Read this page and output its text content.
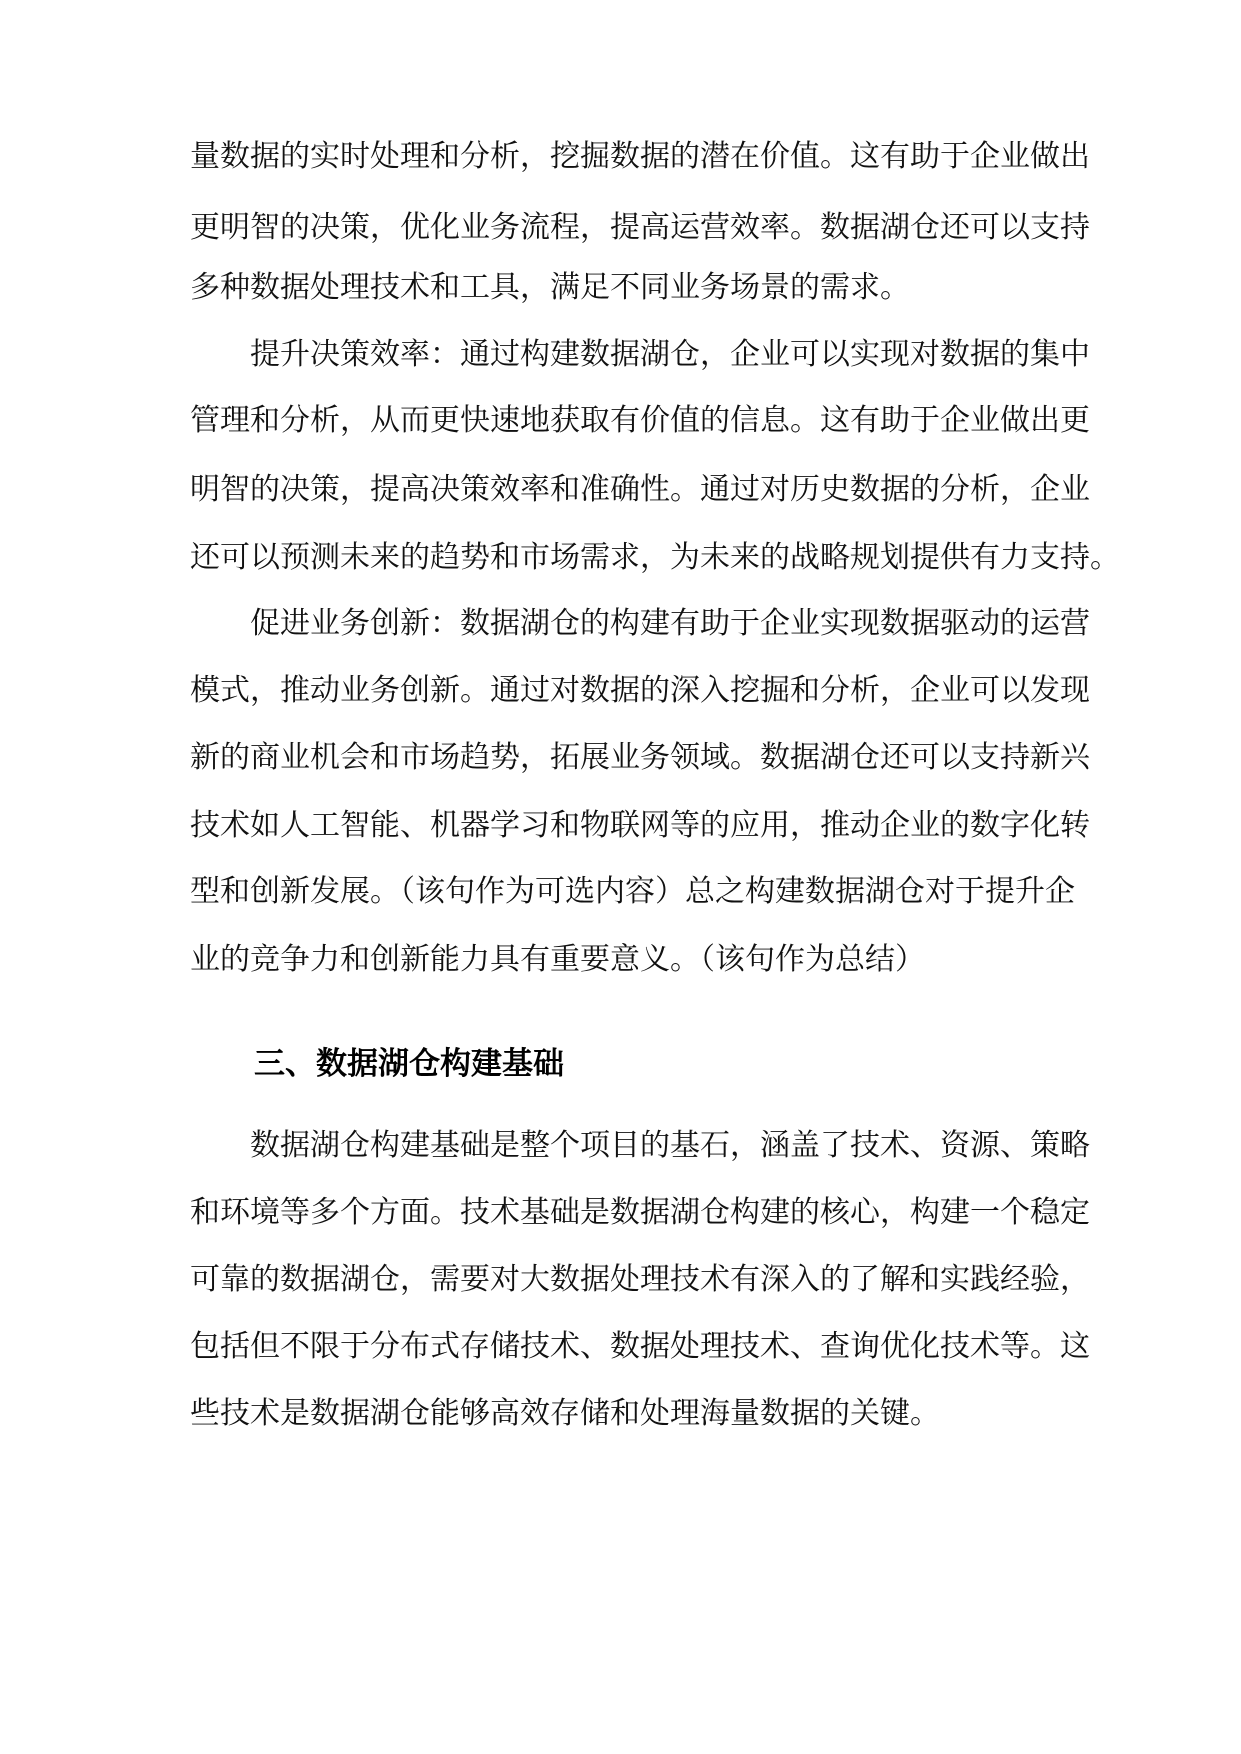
量数据的实时处理和分析，挖掘数据的潜在价值。这有助于企业做出

更明智的决策，优化业务流程，提高运营效率。数据湖仓还可以支持

多种数据处理技术和工具，满足不同业务场景的需求。

提升决策效率：通过构建数据湖仓，企业可以实现对数据的集中

管理和分析，从而更快速地获取有价值的信息。这有助于企业做出更

明智的决策，提高决策效率和准确性。通过对历史数据的分析，企业

还可以预测未来的趋势和市场需求，为未来的战略规划提供有力支持。

促进业务创新：数据湖仓的构建有助于企业实现数据驱动的运营

模式，推动业务创新。通过对数据的深入挖掘和分析，企业可以发现

新的商业机会和市场趋势，拓展业务领域。数据湖仓还可以支持新兴

技术如人工智能、机器学习和物联网等的应用，推动企业的数字化转

型和创新发展。（该句作为可选内容）总之构建数据湖仓对于提升企

业的竞争力和创新能力具有重要意义。（该句作为总结）

三、数据湖仓构建基础

数据湖仓构建基础是整个项目的基石，涵盖了技术、资源、策略

和环境等多个方面。技术基础是数据湖仓构建的核心，构建一个稳定

可靠的数据湖仓，需要对大数据处理技术有深入的了解和实践经验，

包括但不限于分布式存储技术、数据处理技术、查询优化技术等。这

些技术是数据湖仓能够高效存储和处理海量数据的关键。
